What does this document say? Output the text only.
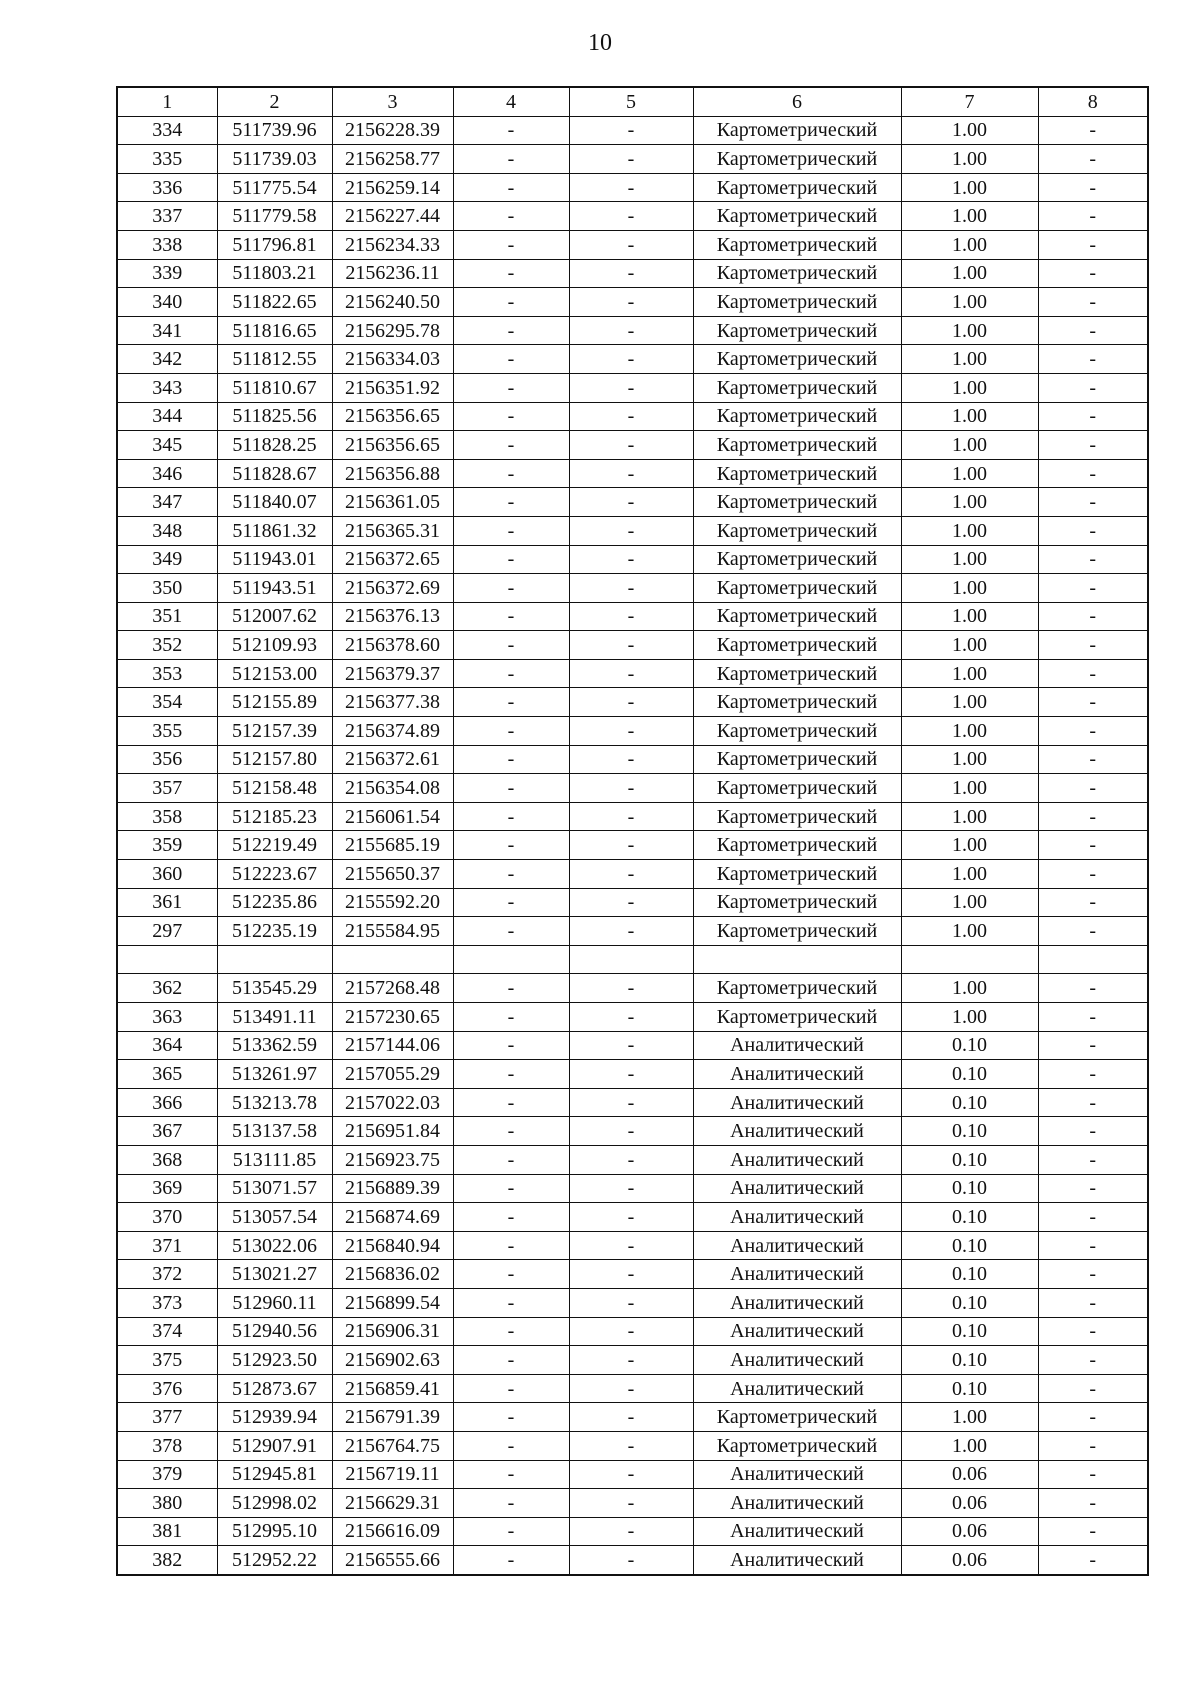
10
1	2	3	4	5	6	7	8
334	511739.96	2156228.39	-	-	Картометрический	1.00	-
335	511739.03	2156258.77	-	-	Картометрический	1.00	-
336	511775.54	2156259.14	-	-	Картометрический	1.00	-
337	511779.58	2156227.44	-	-	Картометрический	1.00	-
338	511796.81	2156234.33	-	-	Картометрический	1.00	-
339	511803.21	2156236.11	-	-	Картометрический	1.00	-
340	511822.65	2156240.50	-	-	Картометрический	1.00	-
341	511816.65	2156295.78	-	-	Картометрический	1.00	-
342	511812.55	2156334.03	-	-	Картометрический	1.00	-
343	511810.67	2156351.92	-	-	Картометрический	1.00	-
344	511825.56	2156356.65	-	-	Картометрический	1.00	-
345	511828.25	2156356.65	-	-	Картометрический	1.00	-
346	511828.67	2156356.88	-	-	Картометрический	1.00	-
347	511840.07	2156361.05	-	-	Картометрический	1.00	-
348	511861.32	2156365.31	-	-	Картометрический	1.00	-
349	511943.01	2156372.65	-	-	Картометрический	1.00	-
350	511943.51	2156372.69	-	-	Картометрический	1.00	-
351	512007.62	2156376.13	-	-	Картометрический	1.00	-
352	512109.93	2156378.60	-	-	Картометрический	1.00	-
353	512153.00	2156379.37	-	-	Картометрический	1.00	-
354	512155.89	2156377.38	-	-	Картометрический	1.00	-
355	512157.39	2156374.89	-	-	Картометрический	1.00	-
356	512157.80	2156372.61	-	-	Картометрический	1.00	-
357	512158.48	2156354.08	-	-	Картометрический	1.00	-
358	512185.23	2156061.54	-	-	Картометрический	1.00	-
359	512219.49	2155685.19	-	-	Картометрический	1.00	-
360	512223.67	2155650.37	-	-	Картометрический	1.00	-
361	512235.86	2155592.20	-	-	Картометрический	1.00	-
297	512235.19	2155584.95	-	-	Картометрический	1.00	-

362	513545.29	2157268.48	-	-	Картометрический	1.00	-
363	513491.11	2157230.65	-	-	Картометрический	1.00	-
364	513362.59	2157144.06	-	-	Аналитический	0.10	-
365	513261.97	2157055.29	-	-	Аналитический	0.10	-
366	513213.78	2157022.03	-	-	Аналитический	0.10	-
367	513137.58	2156951.84	-	-	Аналитический	0.10	-
368	513111.85	2156923.75	-	-	Аналитический	0.10	-
369	513071.57	2156889.39	-	-	Аналитический	0.10	-
370	513057.54	2156874.69	-	-	Аналитический	0.10	-
371	513022.06	2156840.94	-	-	Аналитический	0.10	-
372	513021.27	2156836.02	-	-	Аналитический	0.10	-
373	512960.11	2156899.54	-	-	Аналитический	0.10	-
374	512940.56	2156906.31	-	-	Аналитический	0.10	-
375	512923.50	2156902.63	-	-	Аналитический	0.10	-
376	512873.67	2156859.41	-	-	Аналитический	0.10	-
377	512939.94	2156791.39	-	-	Картометрический	1.00	-
378	512907.91	2156764.75	-	-	Картометрический	1.00	-
379	512945.81	2156719.11	-	-	Аналитический	0.06	-
380	512998.02	2156629.31	-	-	Аналитический	0.06	-
381	512995.10	2156616.09	-	-	Аналитический	0.06	-
382	512952.22	2156555.66	-	-	Аналитический	0.06	-
